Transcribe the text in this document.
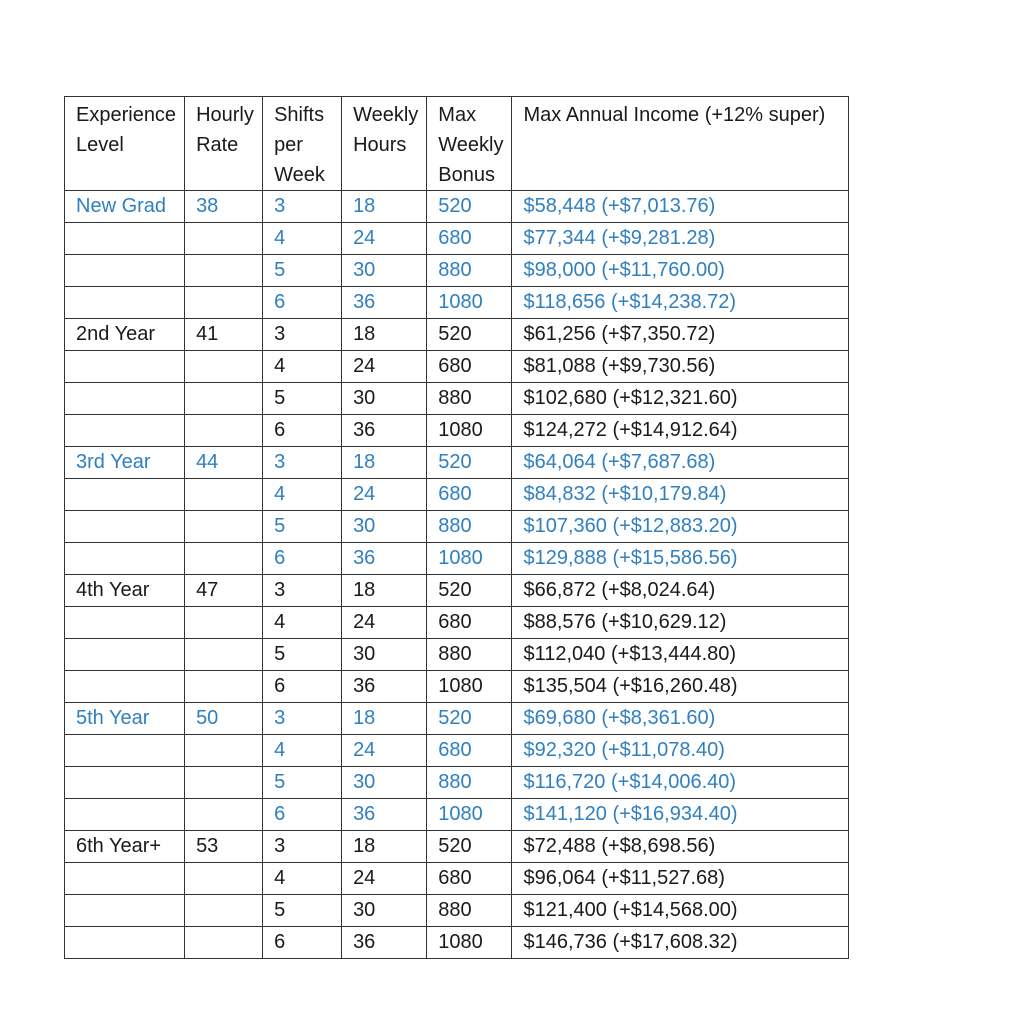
Experience Level	Hourly Rate	Shifts per Week	Weekly Hours	Max Weekly Bonus	Max Annual Income (+12% super)
New Grad	38	3	18	520	$58,448 (+$7,013.76)
		4	24	680	$77,344 (+$9,281.28)
		5	30	880	$98,000 (+$11,760.00)
		6	36	1080	$118,656 (+$14,238.72)
2nd Year	41	3	18	520	$61,256 (+$7,350.72)
		4	24	680	$81,088 (+$9,730.56)
		5	30	880	$102,680 (+$12,321.60)
		6	36	1080	$124,272 (+$14,912.64)
3rd Year	44	3	18	520	$64,064 (+$7,687.68)
		4	24	680	$84,832 (+$10,179.84)
		5	30	880	$107,360 (+$12,883.20)
		6	36	1080	$129,888 (+$15,586.56)
4th Year	47	3	18	520	$66,872 (+$8,024.64)
		4	24	680	$88,576 (+$10,629.12)
		5	30	880	$112,040 (+$13,444.80)
		6	36	1080	$135,504 (+$16,260.48)
5th Year	50	3	18	520	$69,680 (+$8,361.60)
		4	24	680	$92,320 (+$11,078.40)
		5	30	880	$116,720 (+$14,006.40)
		6	36	1080	$141,120 (+$16,934.40)
6th Year+	53	3	18	520	$72,488 (+$8,698.56)
		4	24	680	$96,064 (+$11,527.68)
		5	30	880	$121,400 (+$14,568.00)
		6	36	1080	$146,736 (+$17,608.32)
